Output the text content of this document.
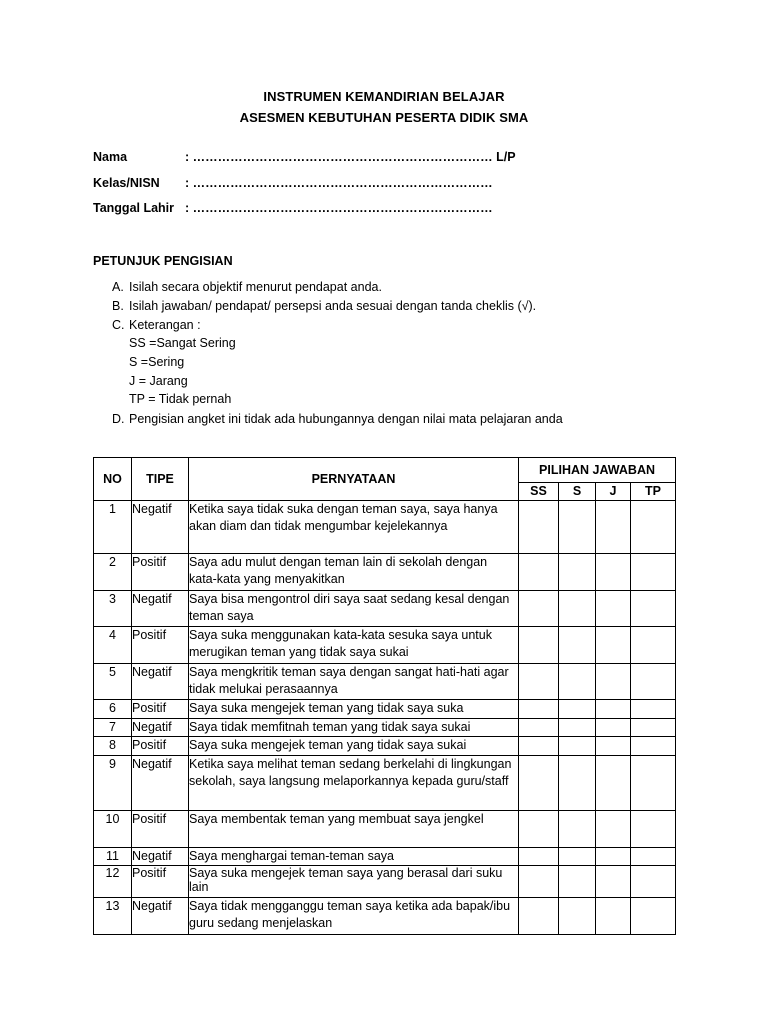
INSTRUMEN KEMANDIRIAN BELAJAR
ASESMEN KEBUTUHAN PESERTA DIDIK SMA
Nama	: ……………………………………………………………… L/P
Kelas/NISN : ………………………………………………………………
Tanggal Lahir : ………………………………………………………………
PETUNJUK PENGISIAN
A. Isilah secara objektif menurut pendapat anda.
B. Isilah jawaban/ pendapat/ persepsi anda sesuai dengan tanda cheklis (√).
C. Keterangan :
SS =Sangat Sering
S =Sering
J = Jarang
TP = Tidak pernah
D. Pengisian angket ini tidak ada hubungannya dengan nilai mata pelajaran anda
NO	TIPE	PERNYATAAN	PILIHAN JAWABAN			
			SS	S	J	TP
1	Negatif	Ketika saya tidak suka dengan teman saya, saya hanya akan diam dan tidak mengumbar kejelekannya				
2	Positif	Saya adu mulut dengan teman lain di sekolah dengan kata-kata yang menyakitkan				
3	Negatif	Saya bisa mengontrol diri saya saat sedang kesal dengan teman saya				
4	Positif	Saya suka menggunakan kata-kata sesuka saya untuk merugikan teman yang tidak saya sukai				
5	Negatif	Saya mengkritik teman saya dengan sangat hati-hati agar tidak melukai perasaannya				
6	Positif	Saya suka mengejek teman yang tidak saya suka				
7	Negatif	Saya tidak memfitnah teman yang tidak saya sukai				
8	Positif	Saya suka mengejek teman yang tidak saya sukai				
9	Negatif	Ketika saya melihat teman sedang berkelahi di lingkungan sekolah, saya langsung melaporkannya kepada guru/staff				
10	Positif	Saya membentak teman yang membuat saya jengkel				
11	Negatif	Saya menghargai teman-teman saya				
12	Positif	Saya suka mengejek teman saya yang berasal dari suku lain				
13	Negatif	Saya tidak mengganggu teman saya ketika ada bapak/ibu guru sedang menjelaskan				
